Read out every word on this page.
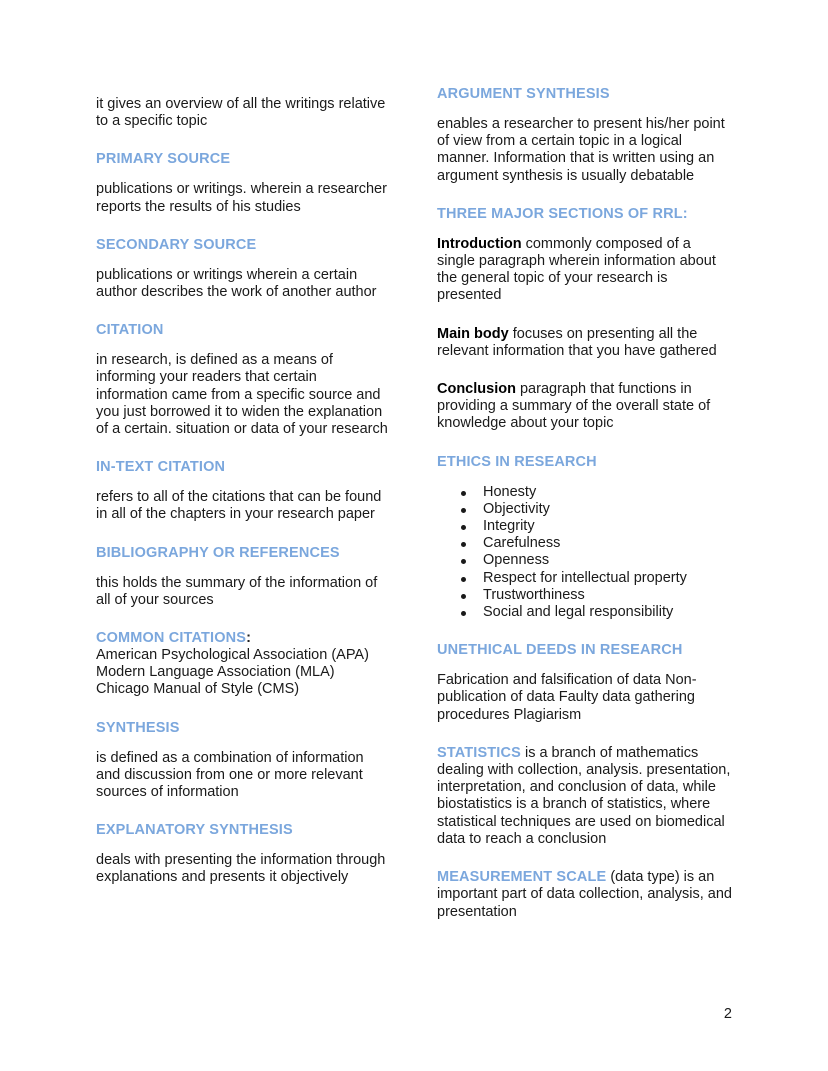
it gives an overview of all the writings relative to a specific topic

PRIMARY SOURCE

publications or writings. wherein a researcher reports the results of his studies

SECONDARY SOURCE

publications or writings wherein a certain author describes the work of another author

CITATION

in research, is defined as a means of informing your readers that certain information came from a specific source and you just borrowed it to widen the explanation of a certain. situation or data of your research

IN-TEXT CITATION

refers to all of the citations that can be found in all of the chapters in your research paper

BIBLIOGRAPHY OR REFERENCES

this holds the summary of the information of all of your sources

COMMON CITATIONS:
American Psychological Association (APA)
Modern Language Association (MLA)
Chicago Manual of Style (CMS)
SYNTHESIS

is defined as a combination of information and discussion from one or more relevant sources of information

EXPLANATORY SYNTHESIS

deals with presenting the information through explanations and presents it objectively

ARGUMENT SYNTHESIS

enables a researcher to present his/her point of view from a certain topic in a logical manner. Information that is written using an argument synthesis is usually debatable

THREE MAJOR SECTIONS OF RRL:

Introduction commonly composed of a single paragraph wherein information about the general topic of your research is presented

Main body focuses on presenting all the relevant information that you have gathered

Conclusion paragraph that functions in providing a summary of the overall state of knowledge about your topic

ETHICS IN RESEARCH
Honesty
Objectivity
Integrity
Carefulness
Openness
Respect for intellectual property
Trustworthiness
Social and legal responsibility
UNETHICAL DEEDS IN RESEARCH

Fabrication and falsification of data Non-publication of data Faulty data gathering procedures Plagiarism

STATISTICS is a branch of mathematics dealing with collection, analysis. presentation, interpretation, and conclusion of data, while biostatistics is a branch of statistics, where statistical techniques are used on biomedical data to reach a conclusion

MEASUREMENT SCALE (data type) is an important part of data collection, analysis, and presentation

2
